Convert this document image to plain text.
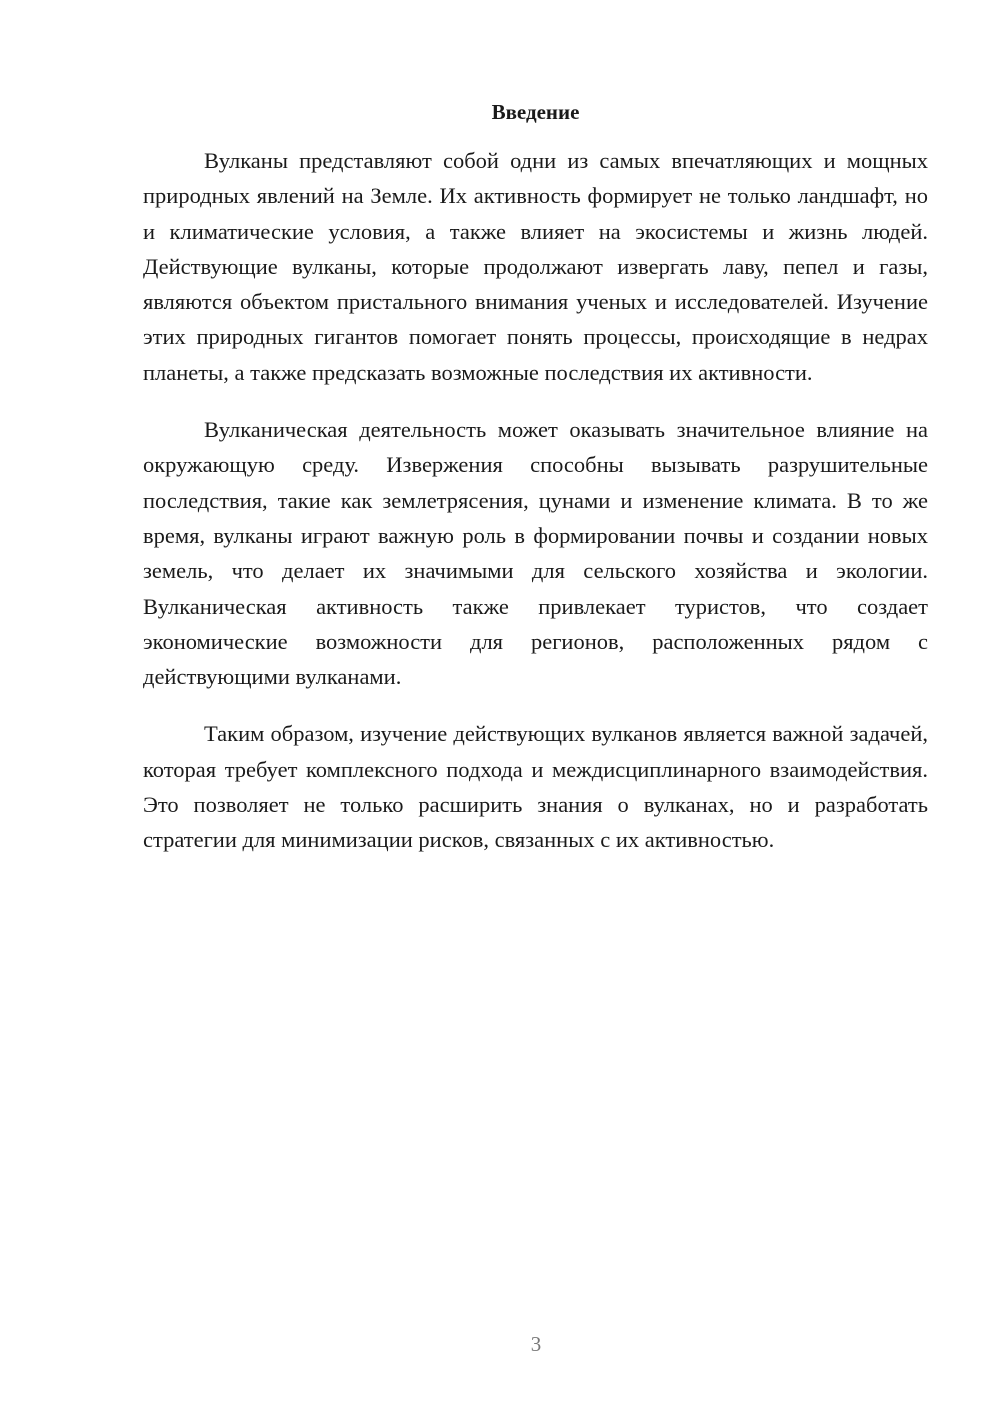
Введение

Вулканы представляют собой одни из самых впечатляющих и мощных природных явлений на Земле. Их активность формирует не только ландшафт, но и климатические условия, а также влияет на экосистемы и жизнь людей. Действующие вулканы, которые продолжают извергать лаву, пепел и газы, являются объектом пристального внимания ученых и исследователей. Изучение этих природных гигантов помогает понять процессы, происходящие в недрах планеты, а также предсказать возможные последствия их активности.

Вулканическая деятельность может оказывать значительное влияние на окружающую среду. Извержения способны вызывать разрушительные последствия, такие как землетрясения, цунами и изменение климата. В то же время, вулканы играют важную роль в формировании почвы и создании новых земель, что делает их значимыми для сельского хозяйства и экологии. Вулканическая активность также привлекает туристов, что создает экономические возможности для регионов, расположенных рядом с действующими вулканами.

Таким образом, изучение действующих вулканов является важной задачей, которая требует комплексного подхода и междисциплинарного взаимодействия. Это позволяет не только расширить знания о вулканах, но и разработать стратегии для минимизации рисков, связанных с их активностью.

3
